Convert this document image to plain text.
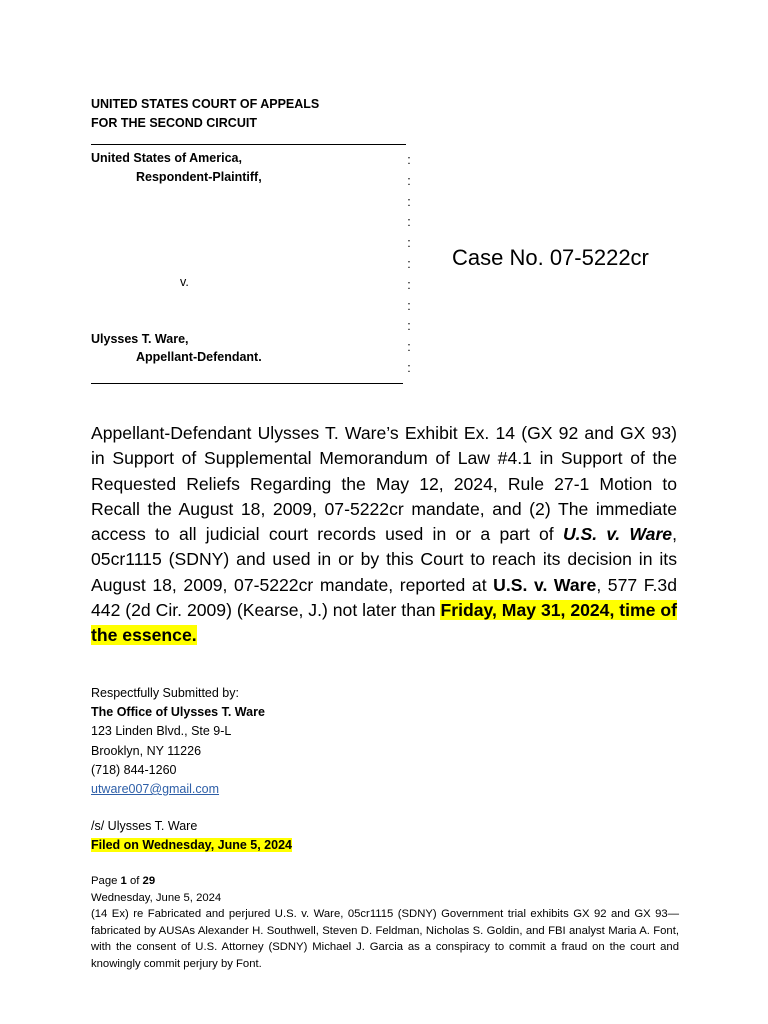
UNITED STATES COURT OF APPEALS
FOR THE SECOND CIRCUIT
United States of America,
Respondent-Plaintiff,
v.
Ulysses T. Ware,
Appellant-Defendant.
:
:
:
:
:
:
:
:
:
:
:
Case No. 07-5222cr
Appellant-Defendant Ulysses T. Ware’s Exhibit Ex. 14 (GX 92 and GX 93) in Support of Supplemental Memorandum of Law #4.1 in Support of the Requested Reliefs Regarding the May 12, 2024, Rule 27-1 Motion to Recall the August 18, 2009, 07-5222cr mandate, and (2) The immediate access to all judicial court records used in or a part of U.S. v. Ware, 05cr1115 (SDNY) and used in or by this Court to reach its decision in its August 18, 2009, 07-5222cr mandate, reported at U.S. v. Ware, 577 F.3d 442 (2d Cir. 2009) (Kearse, J.) not later than Friday, May 31, 2024, time of the essence.
Respectfully Submitted by:
The Office of Ulysses T. Ware
123 Linden Blvd., Ste 9-L
Brooklyn, NY 11226
(718) 844-1260
utware007@gmail.com
/s/ Ulysses T. Ware
Filed on Wednesday, June 5, 2024
Page 1 of 29
Wednesday, June 5, 2024
(14 Ex) re Fabricated and perjured U.S. v. Ware, 05cr1115 (SDNY) Government trial exhibits GX 92 and GX 93—fabricated by AUSAs Alexander H. Southwell, Steven D. Feldman, Nicholas S. Goldin, and FBI analyst Maria A. Font, with the consent of U.S. Attorney (SDNY) Michael J. Garcia as a conspiracy to commit a fraud on the court and knowingly commit perjury by Font.
